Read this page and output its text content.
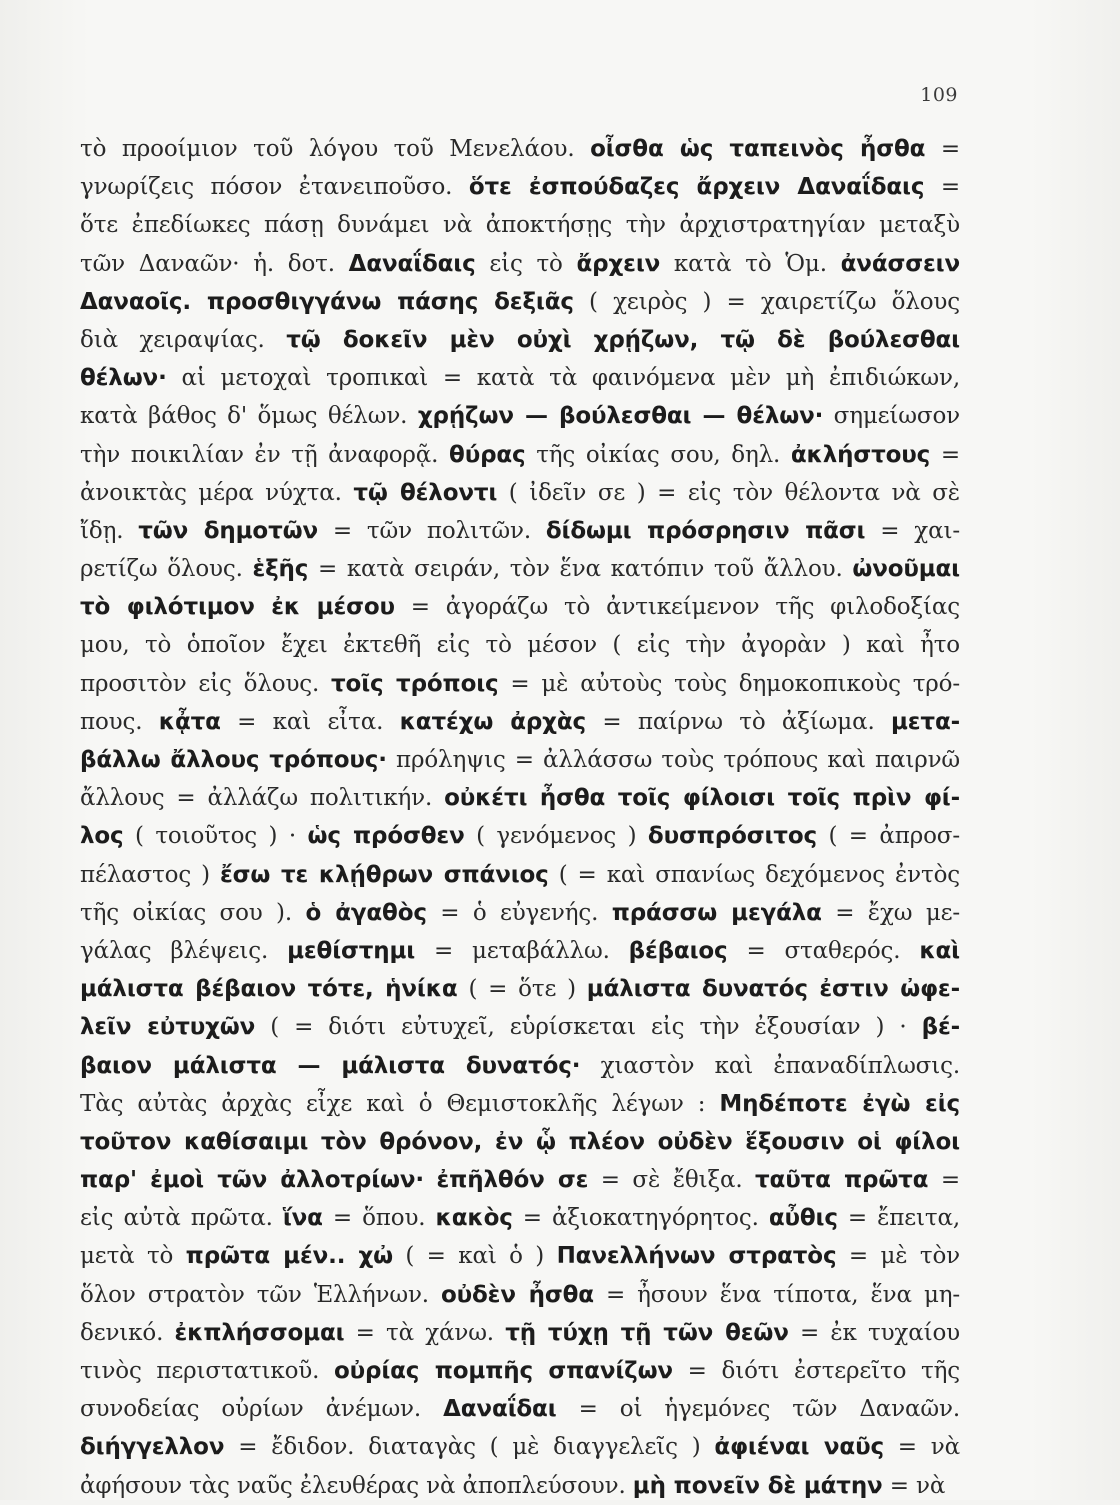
109
τὸ προοίμιον τοῦ λόγου τοῦ Μενελάου. οἶσθα ὡς ταπεινὸς ἦσθα =
γνωρίζεις πόσον ἐτανειποῦσο. ὅτε ἐσπούδαζες ἄρχειν Δαναΐδαις =
ὅτε ἐπεδίωκες πάσῃ δυνάμει νὰ ἀποκτήσῃς τὴν ἀρχιστρατηγίαν μεταξὺ
τῶν Δαναῶν· ἡ. δοτ. Δαναΐδαις εἰς τὸ ἄρχειν κατὰ τὸ Ὁμ. ἀνάσσειν
Δαναοῖς. προσθιγγάνω πάσης δεξιᾶς ( χειρὸς ) = χαιρετίζω ὅλους
διὰ χειραψίας. τῷ δοκεῖν μὲν οὐχὶ χρῄζων, τῷ δὲ βούλεσθαι
θέλων· αἱ μετοχαὶ τροπικαὶ = κατὰ τὰ φαινόμενα μὲν μὴ ἐπιδιώκων,
κατὰ βάθος δ' ὅμως θέλων. χρῄζων — βούλεσθαι — θέλων· σημείωσον
τὴν ποικιλίαν ἐν τῇ ἀναφορᾷ. θύρας τῆς οἰκίας σου, δηλ. ἀκλήστους =
ἀνοικτὰς μέρα νύχτα. τῷ θέλοντι ( ἰδεῖν σε ) = εἰς τὸν θέλοντα νὰ σὲ
ἴδῃ. τῶν δημοτῶν = τῶν πολιτῶν. δίδωμι πρόσρησιν πᾶσι = χαι-
ρετίζω ὅλους. ἑξῆς = κατὰ σειράν, τὸν ἕνα κατόπιν τοῦ ἄλλου. ὠνοῦμαι
τὸ φιλότιμον ἐκ μέσου = ἀγοράζω τὸ ἀντικείμενον τῆς φιλοδοξίας
μου, τὸ ὁποῖον ἔχει ἐκτεθῆ εἰς τὸ μέσον ( εἰς τὴν ἀγορὰν ) καὶ ἦτο
προσιτὸν εἰς ὅλους. τοῖς τρόποις = μὲ αὐτοὺς τοὺς δημοκοπικοὺς τρό-
πους. κᾆτα = καὶ εἶτα. κατέχω ἀρχὰς = παίρνω τὸ ἀξίωμα. μετα-
βάλλω ἄλλους τρόπους· πρόληψις = ἀλλάσσω τοὺς τρόπους καὶ παιρνῶ
ἄλλους = ἀλλάζω πολιτικήν. οὐκέτι ἦσθα τοῖς φίλοισι τοῖς πρὶν φί-
λος ( τοιοῦτος ) · ὡς πρόσθεν ( γενόμενος ) δυσπρόσιτος ( = ἀπροσ-
πέλαστος ) ἔσω τε κλῄθρων σπάνιος ( = καὶ σπανίως δεχόμενος ἐντὸς
τῆς οἰκίας σου ). ὁ ἀγαθὸς = ὁ εὐγενής. πράσσω μεγάλα = ἔχω με-
γάλας βλέψεις. μεθίστημι = μεταβάλλω. βέβαιος = σταθερός. καὶ
μάλιστα βέβαιον τότε, ἡνίκα ( = ὅτε ) μάλιστα δυνατός ἐστιν ὠφε-
λεῖν εὐτυχῶν ( = διότι εὐτυχεῖ, εὑρίσκεται εἰς τὴν ἐξουσίαν ) · βέ-
βαιον μάλιστα — μάλιστα δυνατός· χιαστὸν καὶ ἐπαναδίπλωσις.
Τὰς αὐτὰς ἀρχὰς εἶχε καὶ ὁ Θεμιστοκλῆς λέγων : Μηδέποτε ἐγὼ εἰς
τοῦτον καθίσαιμι τὸν θρόνον, ἐν ᾧ πλέον οὐδὲν ἕξουσιν οἱ φίλοι
παρ' ἐμοὶ τῶν ἀλλοτρίων· ἐπῆλθόν σε = σὲ ἔθιξα. ταῦτα πρῶτα =
εἰς αὐτὰ πρῶτα. ἵνα = ὅπου. κακὸς = ἀξιοκατηγόρητος. αὖθις = ἔπειτα,
μετὰ τὸ πρῶτα μέν.. χὠ ( = καὶ ὁ ) Πανελλήνων στρατὸς = μὲ τὸν
ὅλον στρατὸν τῶν Ἑλλήνων. οὐδὲν ἦσθα = ἦσουν ἕνα τίποτα, ἕνα μη-
δενικό. ἐκπλήσσομαι = τὰ χάνω. τῇ τύχῃ τῇ τῶν θεῶν = ἐκ τυχαίου
τινὸς περιστατικοῦ. οὐρίας πομπῆς σπανίζων = διότι ἐστερεῖτο τῆς
συνοδείας οὐρίων ἀνέμων. Δαναΐδαι = οἱ ἡγεμόνες τῶν Δαναῶν.
διήγγελλον = ἔδιδον. διαταγὰς ( μὲ διαγγελεῖς ) ἀφιέναι ναῦς = νὰ
ἀφήσουν τὰς ναῦς ἐλευθέρας νὰ ἀποπλεύσουν. μὴ πονεῖν δὲ μάτην = νὰ
